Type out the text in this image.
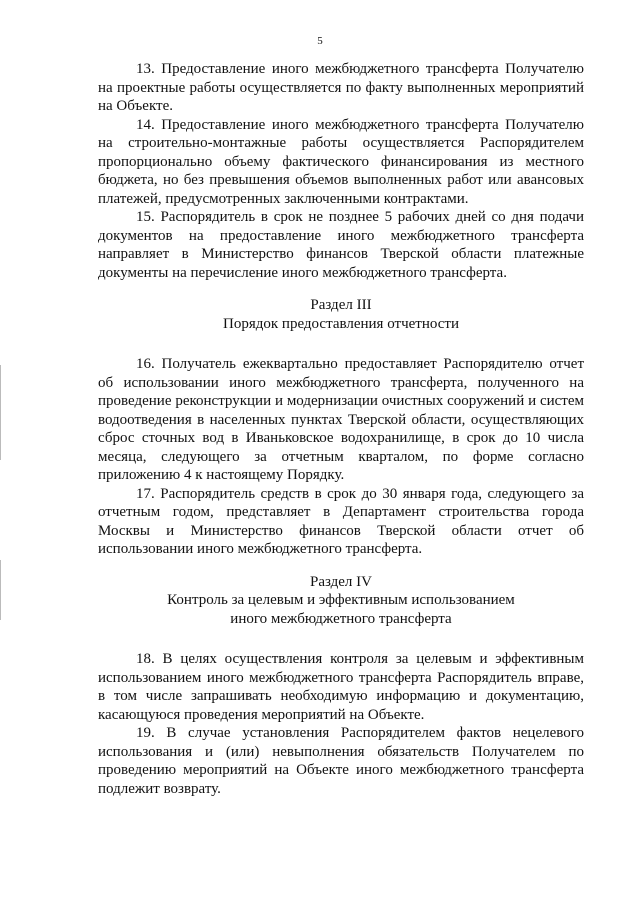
5

13. Предоставление иного межбюджетного трансферта Получателю на проектные работы осуществляется по факту выполненных мероприятий на Объекте.

14. Предоставление иного межбюджетного трансферта Получателю на строительно-монтажные работы осуществляется Распорядителем пропорционально объему фактического финансирования из местного бюджета, но без превышения объемов выполненных работ или авансовых платежей, предусмотренных заключенными контрактами.

15. Распорядитель в срок не позднее 5 рабочих дней со дня подачи документов на предоставление иного межбюджетного трансферта направляет в Министерство финансов Тверской области платежные документы на перечисление иного межбюджетного трансферта.

Раздел III

Порядок предоставления отчетности

16. Получатель ежеквартально предоставляет Распорядителю отчет об использовании иного межбюджетного трансферта, полученного на проведение реконструкции и модернизации очистных сооружений и систем водоотведения в населенных пунктах Тверской области, осуществляющих сброс сточных вод в Иваньковское водохранилище, в срок до 10 числа месяца, следующего за отчетным кварталом, по форме согласно приложению 4 к настоящему Порядку.

17. Распорядитель средств в срок до 30 января года, следующего за отчетным годом, представляет в Департамент строительства города Москвы и Министерство финансов Тверской области отчет об использовании иного межбюджетного трансферта.

Раздел IV

Контроль за целевым и эффективным использованием

иного межбюджетного трансферта

18. В целях осуществления контроля за целевым и эффективным использованием иного межбюджетного трансферта Распорядитель вправе, в том числе запрашивать необходимую информацию и документацию, касающуюся проведения мероприятий на Объекте.

19. В случае установления Распорядителем фактов нецелевого использования и (или) невыполнения обязательств Получателем по проведению мероприятий на Объекте иного межбюджетного трансферта подлежит возврату.
